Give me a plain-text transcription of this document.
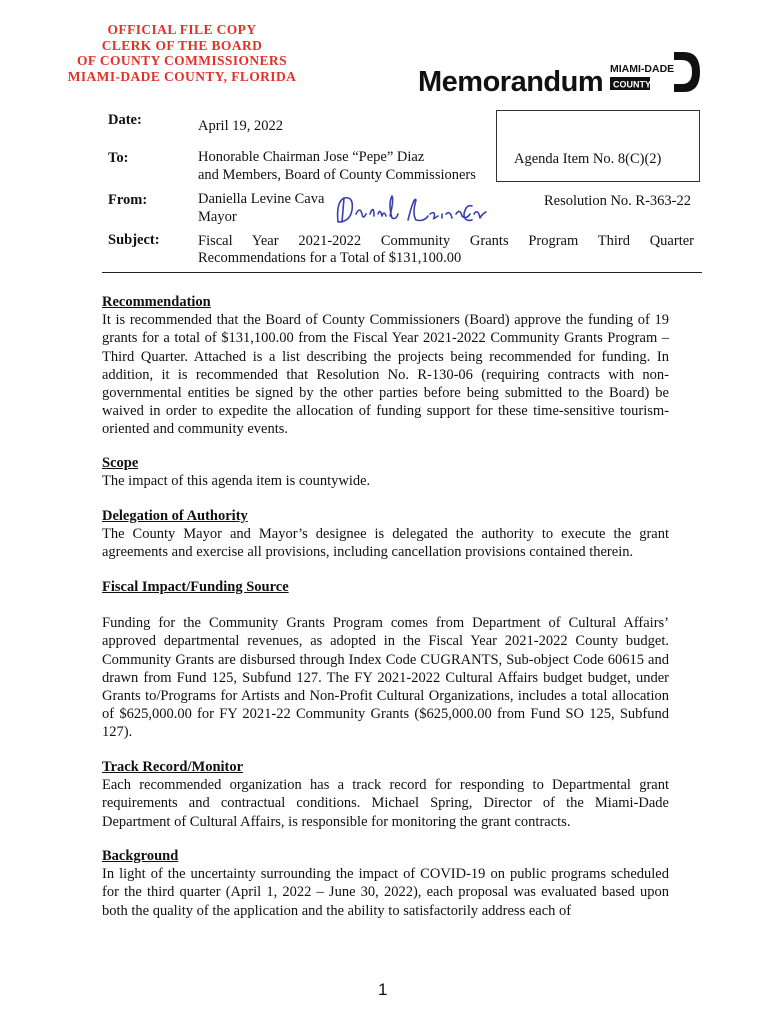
OFFICIAL FILE COPY
CLERK OF THE BOARD
OF COUNTY COMMISSIONERS
MIAMI-DADE COUNTY, FLORIDA	Memorandum MIAMI-DADE
COUNTY
Date:	April 19, 2022
To:	Honorable Chairman Jose “Pepe” Diaz
and Members, Board of County Commissioners
Agenda Item No. 8(C)(2)
From:	Daniella Levine Cava
Mayor
Resolution No. R-363-22
Subject:	Fiscal Year 2021-2022 Community Grants Program Third Quarter
Recommendations for a Total of $131,100.00
Recommendation
It is recommended that the Board of County Commissioners (Board) approve the funding of 19 grants for a total of $131,100.00 from the Fiscal Year 2021-2022 Community Grants Program – Third Quarter. Attached is a list describing the projects being recommended for funding. In addition, it is recommended that Resolution No. R-130-06 (requiring contracts with non-governmental entities be signed by the other parties before being submitted to the Board) be waived in order to expedite the allocation of funding support for these time-sensitive tourism-oriented and community events.
Scope
The impact of this agenda item is countywide.
Delegation of Authority
The County Mayor and Mayor’s designee is delegated the authority to execute the grant agreements and exercise all provisions, including cancellation provisions contained therein.
Fiscal Impact/Funding Source
Funding for the Community Grants Program comes from Department of Cultural Affairs’ approved departmental revenues, as adopted in the Fiscal Year 2021-2022 County budget. Community Grants are disbursed through Index Code CUGRANTS, Sub-object Code 60615 and drawn from Fund 125, Subfund 127. The FY 2021-2022 Cultural Affairs budget budget, under Grants to/Programs for Artists and Non-Profit Cultural Organizations, includes a total allocation of $625,000.00 for FY 2021-22 Community Grants ($625,000.00 from Fund SO 125, Subfund 127).
Track Record/Monitor
Each recommended organization has a track record for responding to Departmental grant requirements and contractual conditions. Michael Spring, Director of the Miami-Dade Department of Cultural Affairs, is responsible for monitoring the grant contracts.
Background
In light of the uncertainty surrounding the impact of COVID-19 on public programs scheduled for the third quarter (April 1, 2022 – June 30, 2022), each proposal was evaluated based upon both the quality of the application and the ability to satisfactorily address each of
1
